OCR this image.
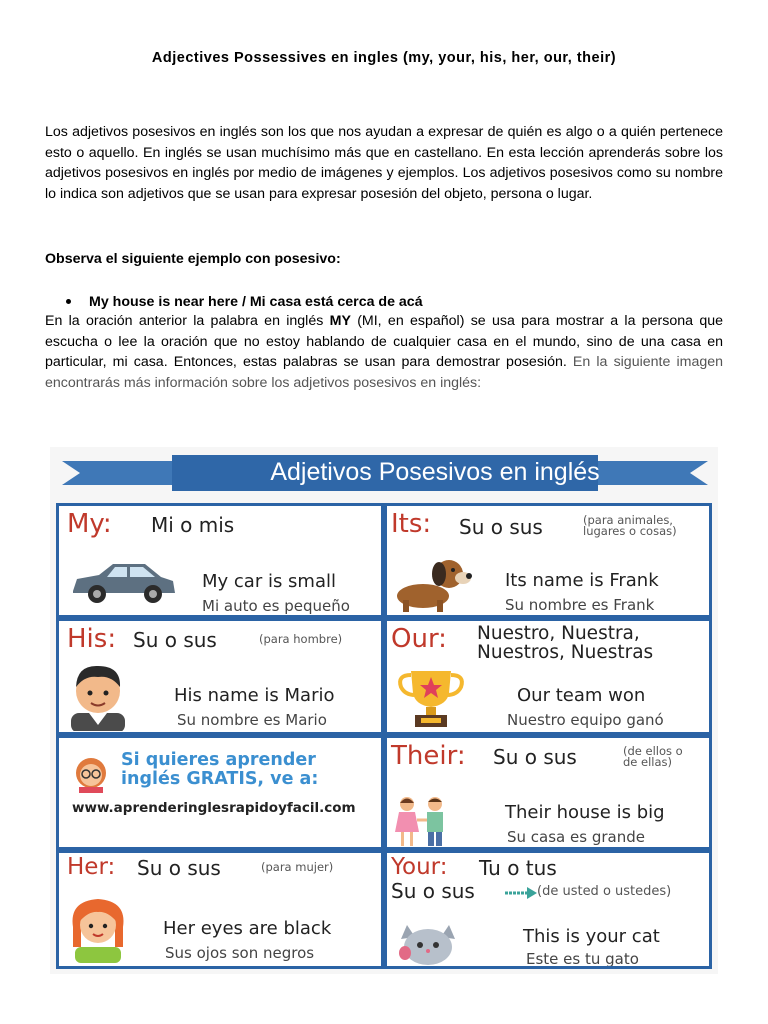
Adjectives Possessives en ingles (my, your, his, her, our, their)
Los adjetivos posesivos en inglés son los que nos ayudan a expresar de quién es algo o a quién pertenece esto o aquello. En inglés se usan muchísimo más que en castellano. En esta lección aprenderás sobre los adjetivos posesivos en inglés por medio de imágenes y ejemplos. Los adjetivos posesivos como su nombre lo indica son adjetivos que se usan para expresar posesión del objeto, persona o lugar.
Observa el siguiente ejemplo con posesivo:
My house is near here / Mi casa está cerca de acá
En la oración anterior la palabra en inglés MY (MI, en español) se usa para mostrar a la persona que escucha o lee la oración que no estoy hablando de cualquier casa en el mundo, sino de una casa en particular, mi casa. Entonces, estas palabras se usan para demostrar posesión. En la siguiente imagen encontrarás más información sobre los adjetivos posesivos en inglés:
Adjetivos Posesivos en inglés
My: Mi o mis
My car is small
Mi auto es pequeño
Its: Su o sus	(para animales,
lugares o cosas)
Its name is Frank
Su nombre es Frank
His: Su o sus	(para hombre)
His name is Mario
Su nombre es Mario
Our: Nuestro, Nuestra,
Nuestros, Nuestras
Our team won
Nuestro equipo ganó
Si quieres aprender
inglés GRATIS, ve a:
www.aprenderinglesrapidoyfacil.com
Their: Su o sus	(de ellos o
de ellas)
Their house is big
Su casa es grande
Her: Su o sus	(para mujer)
Her eyes are black
Sus ojos son negros
Your: Tu o tus
Su o sus	(de usted o ustedes)
This is your cat
Este es tu gato
